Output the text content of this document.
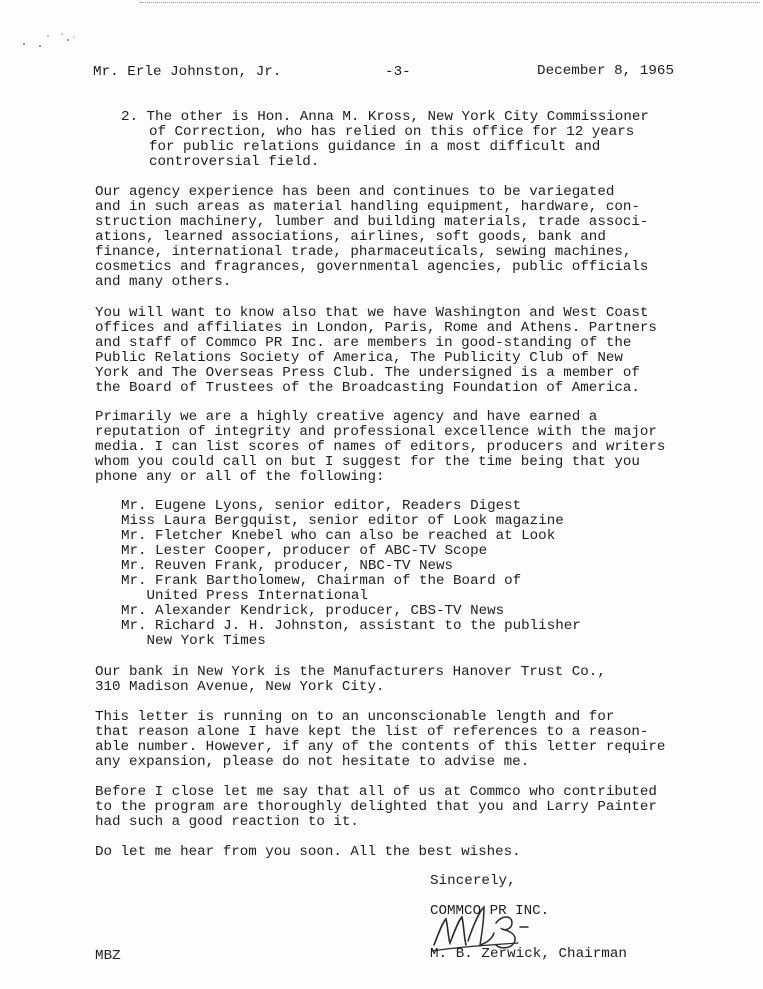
Mr. Erle Johnston, Jr.	-3-	December 8, 1965
2. The other is Hon. Anna M. Kross, New York City Commissioner
of Correction, who has relied on this office for 12 years
for public relations guidance in a most difficult and
controversial field.
Our agency experience has been and continues to be variegated
and in such areas as material handling equipment, hardware, con-
struction machinery, lumber and building materials, trade associ-
ations, learned associations, airlines, soft goods, bank and
finance, international trade, pharmaceuticals, sewing machines,
cosmetics and fragrances, governmental agencies, public officials
and many others.
You will want to know also that we have Washington and West Coast
offices and affiliates in London, Paris, Rome and Athens. Partners
and staff of Commco PR Inc. are members in good-standing of the
Public Relations Society of America, The Publicity Club of New
York and The Overseas Press Club. The undersigned is a member of
the Board of Trustees of the Broadcasting Foundation of America.
Primarily we are a highly creative agency and have earned a
reputation of integrity and professional excellence with the major
media. I can list scores of names of editors, producers and writers
whom you could call on but I suggest for the time being that you
phone any or all of the following:
Mr. Eugene Lyons, senior editor, Readers Digest
Miss Laura Bergquist, senior editor of Look magazine
Mr. Fletcher Knebel who can also be reached at Look
Mr. Lester Cooper, producer of ABC-TV Scope
Mr. Reuven Frank, producer, NBC-TV News
Mr. Frank Bartholomew, Chairman of the Board of
United Press International
Mr. Alexander Kendrick, producer, CBS-TV News
Mr. Richard J. H. Johnston, assistant to the publisher
New York Times
Our bank in New York is the Manufacturers Hanover Trust Co.,
310 Madison Avenue, New York City.
This letter is running on to an unconscionable length and for
that reason alone I have kept the list of references to a reason-
able number. However, if any of the contents of this letter require
any expansion, please do not hesitate to advise me.
Before I close let me say that all of us at Commco who contributed
to the program are thoroughly delighted that you and Larry Painter
had such a good reaction to it.
Do let me hear from you soon. All the best wishes.
Sincerely,
COMMCO PR INC.
M. B. Zerwick, Chairman
MBZ
